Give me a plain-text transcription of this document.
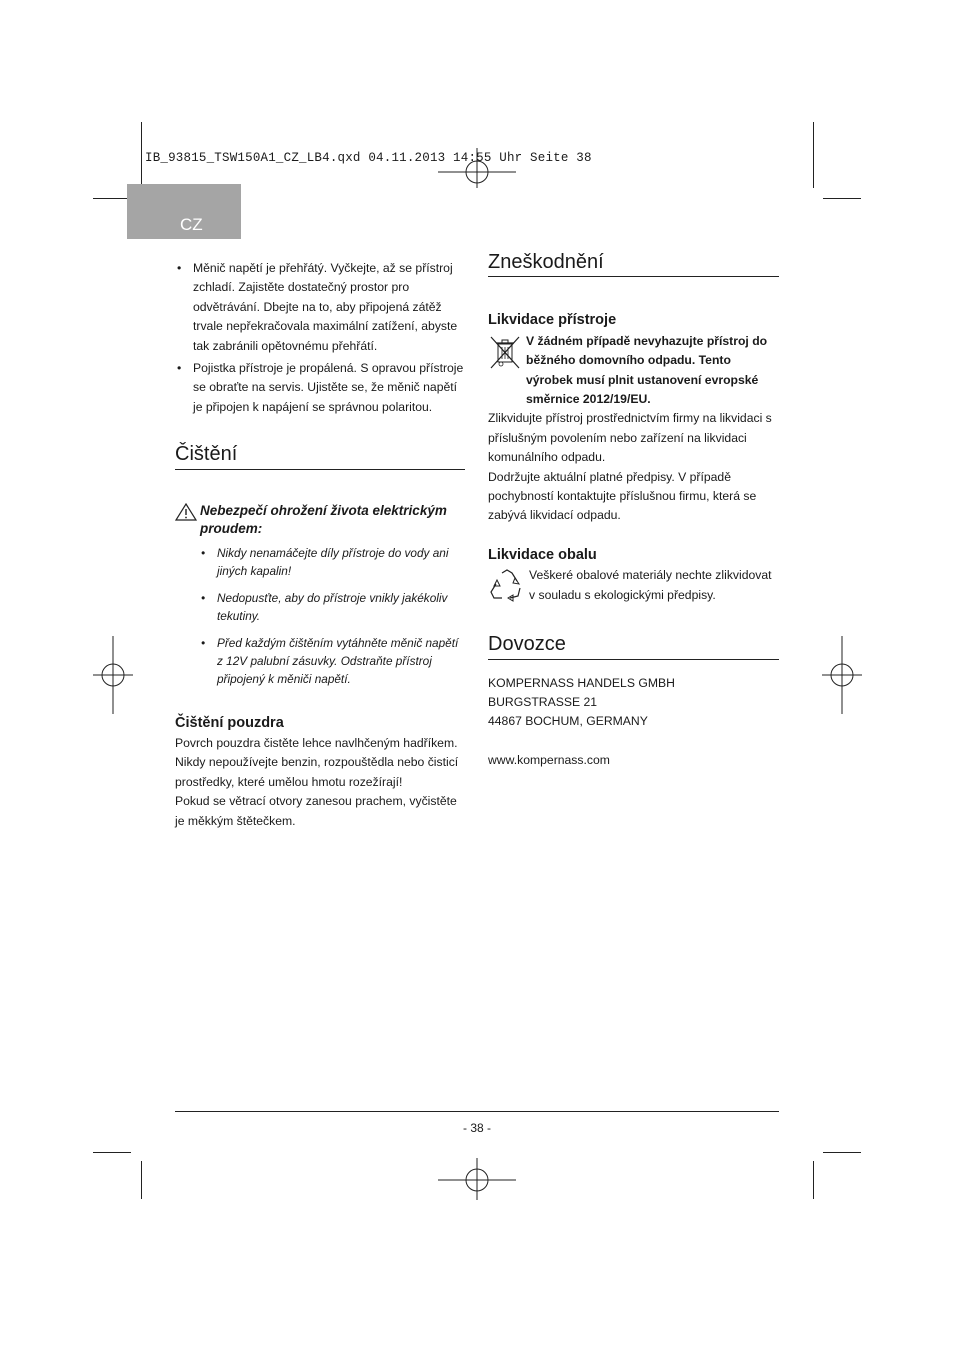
IB_93815_TSW150A1_CZ_LB4.qxd 04.11.2013 14:55 Uhr Seite 38
CZ
• Měnič napětí je přehřátý. Vyčkejte, až se přístroj zchladí. Zajistěte dostatečný prostor pro odvětrávání. Dbejte na to, aby připojená zátěž trvale nepřekračovala maximální zatížení, abyste tak zabránili opětovnému přehřátí.
• Pojistka přístroje je propálená. S opravou přístroje se obraťte na servis. Ujistěte se, že měnič napětí je připojen k napájení se správnou polaritou.
Čištění
Nebezpečí ohrožení života elektrickým proudem:
• Nikdy nenamáčejte díly přístroje do vody ani jiných kapalin!
• Nedopusťte, aby do přístroje vnikly jakékoliv tekutiny.
• Před každým čištěním vytáhněte měnič napětí z 12V palubní zásuvky. Odstraňte přístroj připojený k měniči napětí.
Čištění pouzdra

Povrch pouzdra čistěte lehce navlhčeným hadříkem. Nikdy nepoužívejte benzin, rozpouštědla nebo čisticí prostředky, které umělou hmotu rozežírají!

Pokud se větrací otvory zanesou prachem, vyčistěte je měkkým štětečkem.

Zneškodnění
Likvidace přístroje

V žádném případě nevyhazujte přístroj do běžného domovního odpadu. Tento výrobek musí plnit ustanovení evropské směrnice 2012/19/EU.

Zlikvidujte přístroj prostřednictvím firmy na likvidaci s příslušným povolením nebo zařízení na likvidaci komunálního odpadu.

Dodržujte aktuální platné předpisy. V případě pochybností kontaktujte příslušnou firmu, která se zabývá likvidací odpadu.

Likvidace obalu

Veškeré obalové materiály nechte zlikvidovat v souladu s ekologickými předpisy.

Dovozce

KOMPERNASS HANDELS GMBH

BURGSTRASSE 21

44867 BOCHUM, GERMANY

www.kompernass.com

- 38 -
